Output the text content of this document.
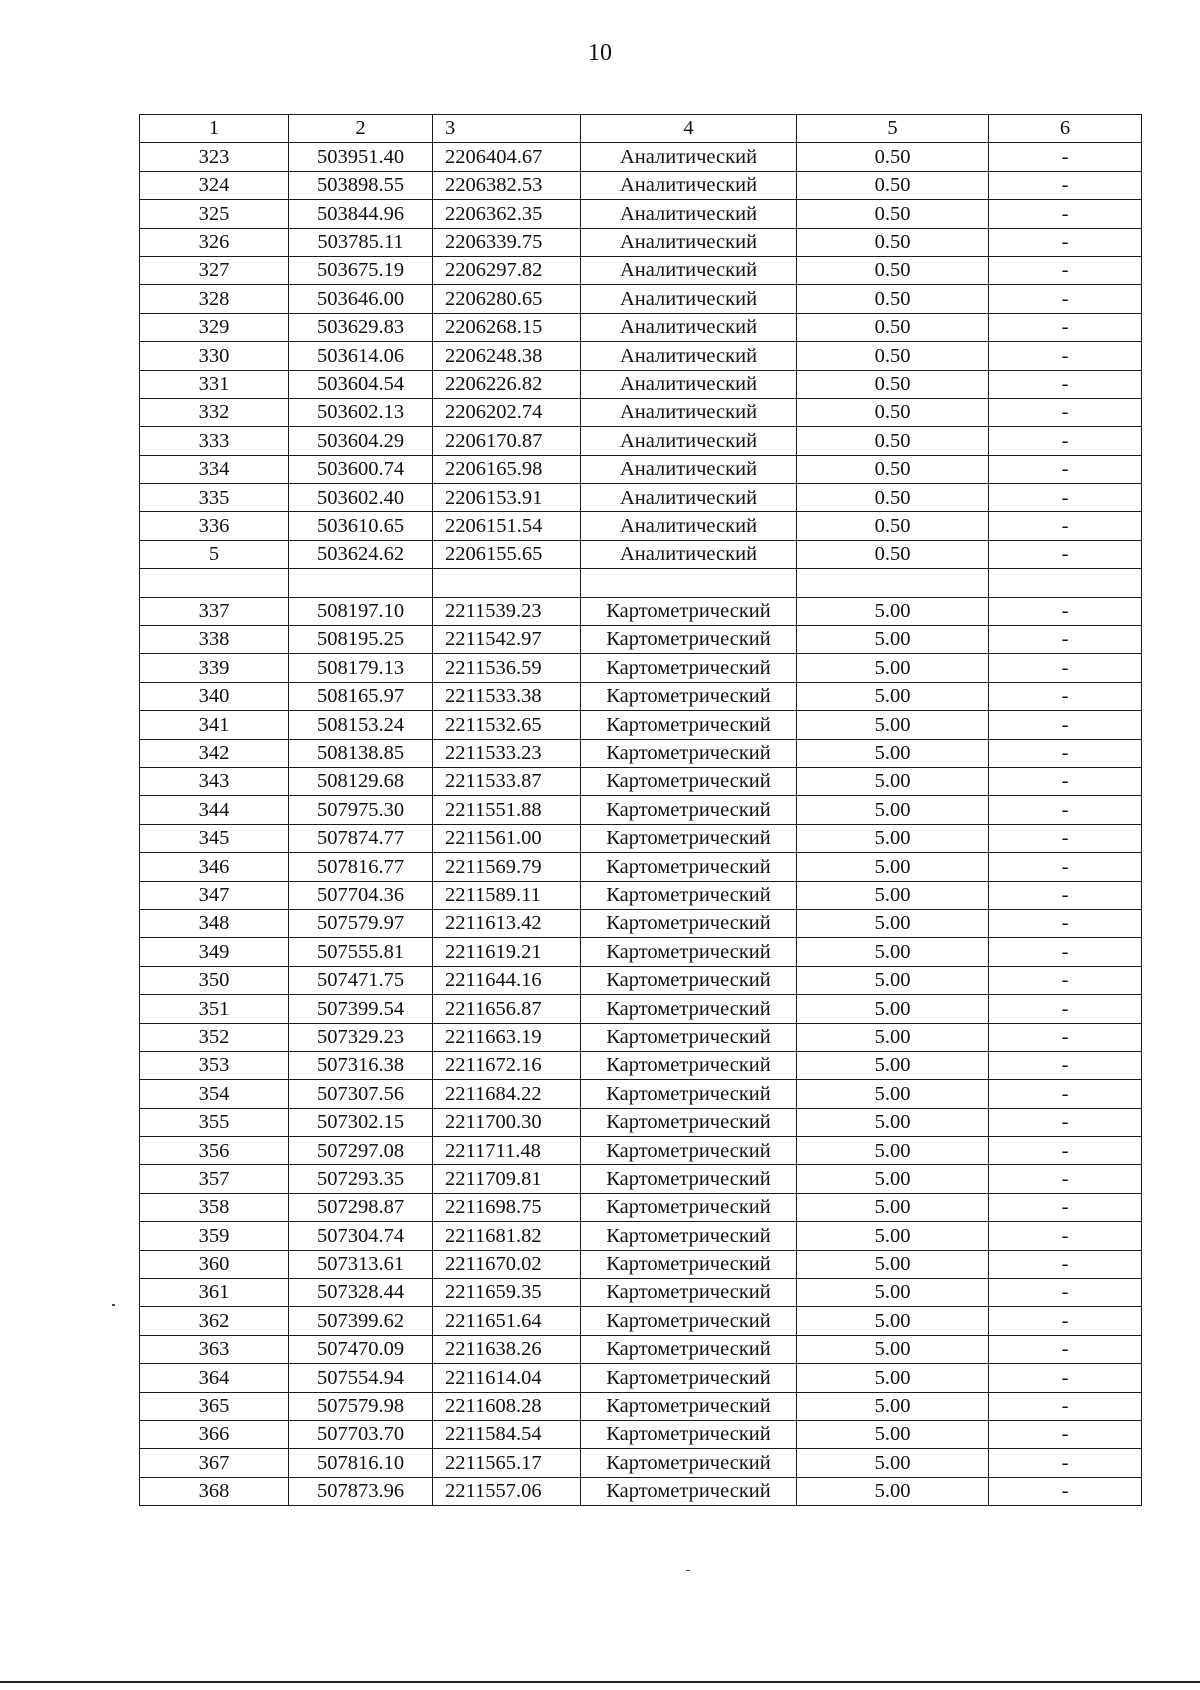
10
1	2	3	4	5	6
323	503951.40	2206404.67	Аналитический	0.50	-
324	503898.55	2206382.53	Аналитический	0.50	-
325	503844.96	2206362.35	Аналитический	0.50	-
326	503785.11	2206339.75	Аналитический	0.50	-
327	503675.19	2206297.82	Аналитический	0.50	-
328	503646.00	2206280.65	Аналитический	0.50	-
329	503629.83	2206268.15	Аналитический	0.50	-
330	503614.06	2206248.38	Аналитический	0.50	-
331	503604.54	2206226.82	Аналитический	0.50	-
332	503602.13	2206202.74	Аналитический	0.50	-
333	503604.29	2206170.87	Аналитический	0.50	-
334	503600.74	2206165.98	Аналитический	0.50	-
335	503602.40	2206153.91	Аналитический	0.50	-
336	503610.65	2206151.54	Аналитический	0.50	-
5	503624.62	2206155.65	Аналитический	0.50	-

337	508197.10	2211539.23	Картометрический	5.00	-
338	508195.25	2211542.97	Картометрический	5.00	-
339	508179.13	2211536.59	Картометрический	5.00	-
340	508165.97	2211533.38	Картометрический	5.00	-
341	508153.24	2211532.65	Картометрический	5.00	-
342	508138.85	2211533.23	Картометрический	5.00	-
343	508129.68	2211533.87	Картометрический	5.00	-
344	507975.30	2211551.88	Картометрический	5.00	-
345	507874.77	2211561.00	Картометрический	5.00	-
346	507816.77	2211569.79	Картометрический	5.00	-
347	507704.36	2211589.11	Картометрический	5.00	-
348	507579.97	2211613.42	Картометрический	5.00	-
349	507555.81	2211619.21	Картометрический	5.00	-
350	507471.75	2211644.16	Картометрический	5.00	-
351	507399.54	2211656.87	Картометрический	5.00	-
352	507329.23	2211663.19	Картометрический	5.00	-
353	507316.38	2211672.16	Картометрический	5.00	-
354	507307.56	2211684.22	Картометрический	5.00	-
355	507302.15	2211700.30	Картометрический	5.00	-
356	507297.08	2211711.48	Картометрический	5.00	-
357	507293.35	2211709.81	Картометрический	5.00	-
358	507298.87	2211698.75	Картометрический	5.00	-
359	507304.74	2211681.82	Картометрический	5.00	-
360	507313.61	2211670.02	Картометрический	5.00	-
361	507328.44	2211659.35	Картометрический	5.00	-
362	507399.62	2211651.64	Картометрический	5.00	-
363	507470.09	2211638.26	Картометрический	5.00	-
364	507554.94	2211614.04	Картометрический	5.00	-
365	507579.98	2211608.28	Картометрический	5.00	-
366	507703.70	2211584.54	Картометрический	5.00	-
367	507816.10	2211565.17	Картометрический	5.00	-
368	507873.96	2211557.06	Картометрический	5.00	-
